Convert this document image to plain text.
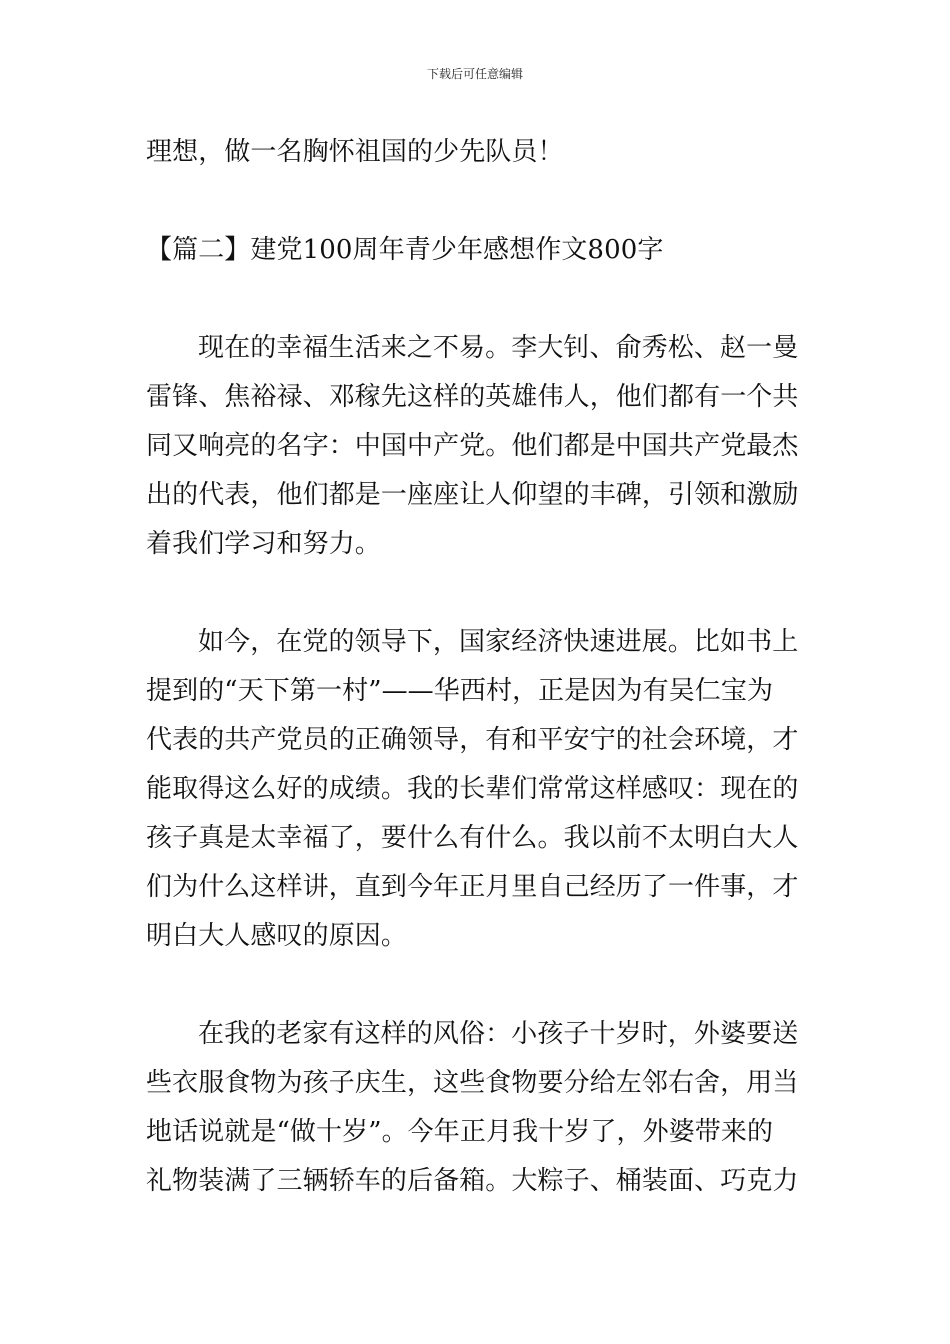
下载后可任意编辑
理想，做一名胸怀祖国的少先队员！
【篇二】建党100周年青少年感想作文800字
现在的幸福生活来之不易。李大钊、俞秀松、赵一曼
雷锋、焦裕禄、邓稼先这样的英雄伟人，他们都有一个共
同又响亮的名字：中国中产党。他们都是中国共产党最杰
出的代表，他们都是一座座让人仰望的丰碑，引领和激励
着我们学习和努力。
如今，在党的领导下，国家经济快速进展。比如书上
提到的“天下第一村”——华西村，正是因为有吴仁宝为
代表的共产党员的正确领导，有和平安宁的社会环境，才
能取得这么好的成绩。我的长辈们常常这样感叹：现在的
孩子真是太幸福了，要什么有什么。我以前不太明白大人
们为什么这样讲，直到今年正月里自己经历了一件事，才
明白大人感叹的原因。
在我的老家有这样的风俗：小孩子十岁时，外婆要送
些衣服食物为孩子庆生，这些食物要分给左邻右舍，用当
地话说就是“做十岁”。今年正月我十岁了，外婆带来的
礼物装满了三辆轿车的后备箱。大粽子、桶装面、巧克力
